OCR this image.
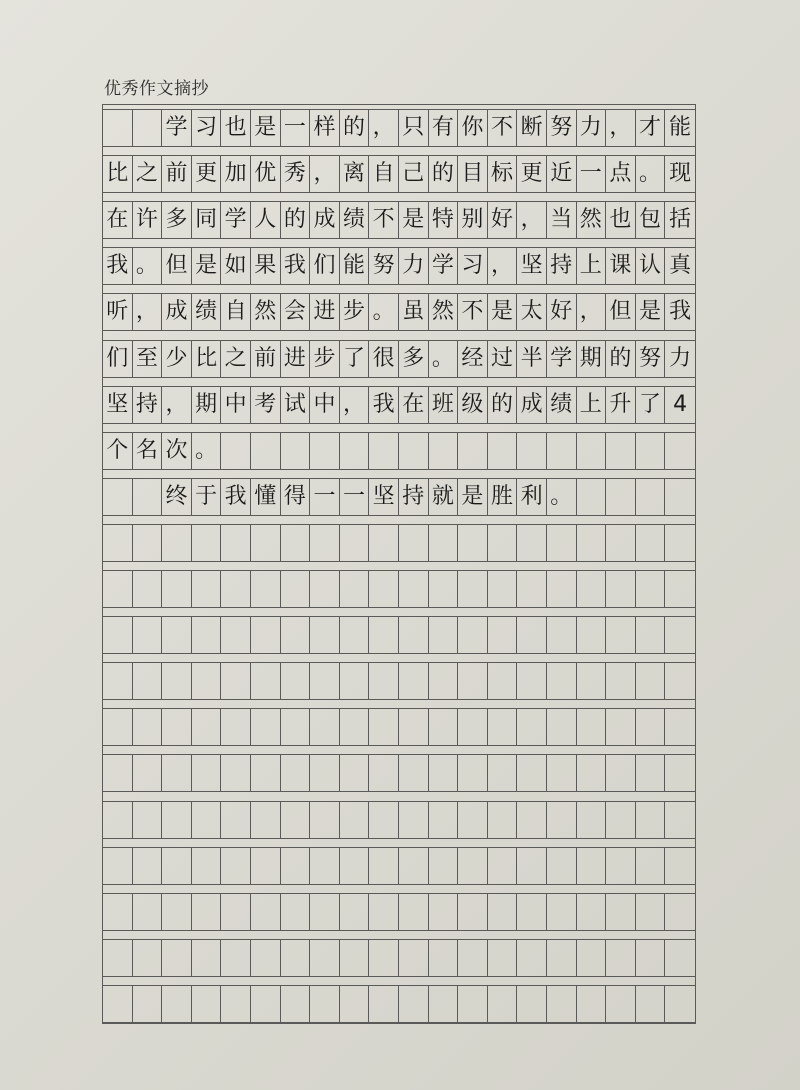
优秀作文摘抄
学 习 也 是 一 样 的 ， 只 有 你 不 断 努 力 ， 才 能
比 之 前 更 加 优 秀 ， 离 自 己 的 目 标 更 近 一 点 。 现
在 许 多 同 学 人 的 成 绩 不 是 特 别 好 ， 当 然 也 包 括
我 。 但 是 如 果 我 们 能 努 力 学 习 ， 坚 持 上 课 认 真
听 ， 成 绩 自 然 会 进 步 。 虽 然 不 是 太 好 ， 但 是 我
们 至 少 比 之 前 进 步 了 很 多 。 经 过 半 学 期 的 努 力
坚 持 ， 期 中 考 试 中 ， 我 在 班 级 的 成 绩 上 升 了 4
个 名 次 。
终 于 我 懂 得 一 一 坚 持 就 是 胜 利 。
